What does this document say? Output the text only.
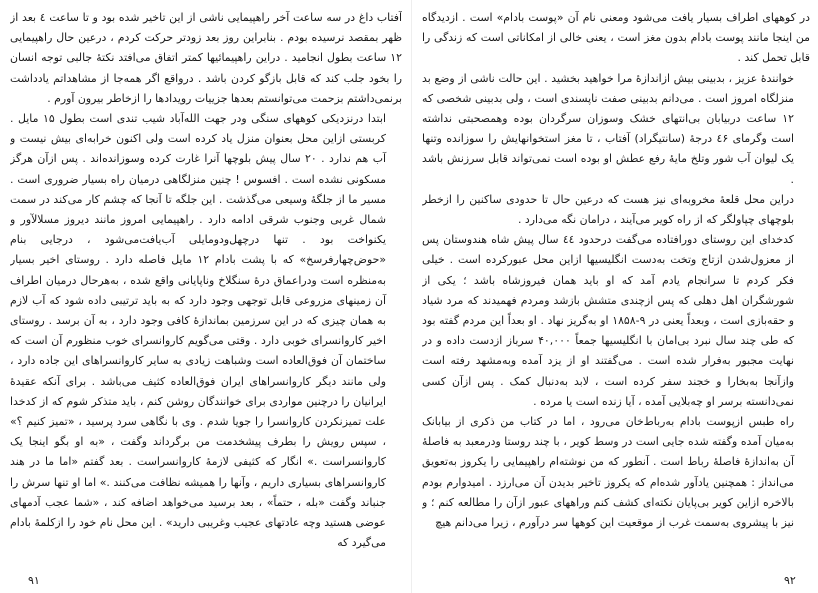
آفتاب داغ در سه ساعت آخر راهپیمایی ناشی از این تاخیر شده بود و تا ساعت ٤ بعد از ظهر بمقصد نرسیده بودم . بنابراین روز بعد زودتر حرکت کردم ، درعین حال راهپیمایی ۱۲ ساعت بطول انجامید . دراین راهپیمائیها کمتر اتفاق می‌افتد نکتهٔ جالبی توجه انسان را بخود جلب کند که قابل بازگو کردن باشد . درواقع اگر همه‌جا از مشاهداتم یادداشت برنمی‌داشتم بزحمت می‌توانستم بعدها جزییات رویدادها را ازخاطر بیرون آورم .

ابتدا درنزدیکی کوههای سنگی ودر جهت الله‌آباد شیب تندی است بطول ۱۵ مایل . کربستی ازاین محل بعنوان منزل یاد کرده است ولی اکنون خرابه‌ای بیش نیست و آب هم ندارد . ۲۰ سال پیش بلوچها آنرا غارت کرده وسوزانده‌اند . پس ازآن هرگز مسکونی نشده است . افسوس ! چنین منزلگاهی درمیان راه بسیار ضروری است . مسیر ما از جلگهٔ وسیعی می‌گذشت . این جلگه تا آنجا که چشم کار می‌کند در سمت شمال غربی وجنوب شرقی ادامه دارد . راهپیمایی امروز مانند دیروز مسلالآور و یکنواخت بود . تنها درچهل‌ودومایلی آب‌یافت‌می‌شود ، درجایی بنام «حوض‌چهارفرسخ» که با پشت بادام ۱۲ مایل فاصله دارد . روستای اخیر بسیار به‌منظره است ودراعماق درهٔ سنگلاخ وناپایانی واقع شده ، به‌هرحال درمیان اطراف آن زمینهای مزروعی قابل توجهی وجود دارد که به باید ترتیبی داده شود که آب لازم به همان چیزی که در این سرزمین بماندازهٔ کافی وجود دارد ، به آن برسد . روستای اخیر کاروانسرای خوبی دارد . وقتی می‌گویم کاروانسرای خوب منظورم آن است که ساختمان آن فوق‌العاده است وشباهت زیادی به سایر کاروانسراهای این جاده دارد ، ولی مانند دیگر کاروانسراهای ایران فوق‌العاده کثیف می‌باشد . برای آنکه عقیدهٔ ایرانیان را درچنین مواردی برای خوانندگان روشن کنم ، باید متذکر شوم که از کدخدا علت تمیزنکردن کاروانسرا را جویا شدم . وی با نگاهی سرد پرسید ، «تمیز کنیم ؟» ، سپس رویش را بطرف پیشخدمت من برگرداند وگفت ، «به او بگو اینجا یک کاروانسراست .» انگار که کثیفی لازمهٔ کاروانسراست . بعد گفتم «اما ما در هند کاروانسراهای بسیاری داریم ، وآنها را همیشه نظافت می‌کنند .» اما او تنها سرش را جنباند وگفت «بله ، حتماً» ، بعد برسید می‌خواهد اضافه کند ، «شما عجب آدمهای عوضی هستید وچه عادتهای عجیب وغریبی دارید» . این محل نام خود را ازکلمهٔ بادام می‌گیرد که

در کوههای اطراف بسیار یافت می‌شود ومعنی نام آن «پوست بادام» است . ازدیدگاه من اینجا مانند پوست بادام بدون مغز است ، یعنی خالی از امکاناتی است که زندگی را قابل تحمل کند .

خوانندهٔ عزیز ، بدبینی بیش ازاندازهٔ مرا خواهید بخشید . این حالت ناشی از وضع بد منزلگاه امروز است . می‌دانم بدبینی صفت ناپسندی است ، ولی بدبینی شخصی که ۱۲ ساعت دربیابان بی‌انتهای خشک وسوزان سرگردان بوده وهمصحبتی نداشته است وگرمای ٤۶ درجهٔ (سانتیگراد) آفتاب ، تا مغز استخوانهایش را سوزانده وتنها یک لیوان آب شور وتلخ مایهٔ رفع عطش او بوده است نمی‌تواند قابل سرزنش باشد .

دراین محل قلعهٔ مخروبه‌ای نیز هست که درعین حال تا حدودی ساکنین را ازخطر بلوچهای چپاولگر که از راه کویر می‌آیند ، درامان نگه می‌دارد .

کدخدای این روستای دورافتاده می‌گفت درحدود ٤٤ سال پیش شاه هندوستان پس از معزول‌شدن ازتاج وتخت به‌دست انگلیسیها ازاین محل عبورکرده است . خیلی فکر کردم تا سرانجام یادم آمد که او باید همان فیروزشاه باشد ؛ یکی از شورشگران اهل دهلی که پس ازچندی متشش بازشد ومردم فهمیدند که مرد شیاد و حقه‌بازی است ، وبعداً یعنی در ۹-۱۸۵۸ او به‌گریز نهاد . او بعداً این مردم گفته بود که طی چند سال نبرد بی‌امان با انگلیسیها جمعاً ۴۰,۰۰۰ سرباز ازدست داده و در نهایت مجبور به‌فرار شده است . می‌گفتند او از یزد آمده وبه‌مشهد رفته است وازآنجا به‌بخارا و خجند سفر کرده است ، لابد به‌دنبال کمک . پس ازآن کسی نمی‌دانسته برسر او چه‌بلایی آمده ، آیا زنده است یا مرده .

راه طبس ازپوست بادام به‌رباط‌خان می‌رود ، اما در کتاب من ذکری از بیابانک به‌میان آمده وگفته شده جایی است در وسط کویر ، با چند روستا ودرمعبد به فاصلهٔ آن به‌اندازهٔ فاصلهٔ رباط است . آنطور که من نوشته‌ام راهپیمایی را یکروز به‌تعویق می‌انداز : همچنین یادآور شده‌ام که یکروز تاخیر بدیدن آن می‌ارزد . امیدوارم بودم بالاخره ازاین کویر بی‌پایان نکته‌ای کشف کنم وراههای عبور ازآن را مطالعه کنم ؛ و نیز با پیشروی به‌سمت غرب از موقعیت این کوهها سر درآورم ، زیرا می‌دانم هیچ

۹۱	۹۲
